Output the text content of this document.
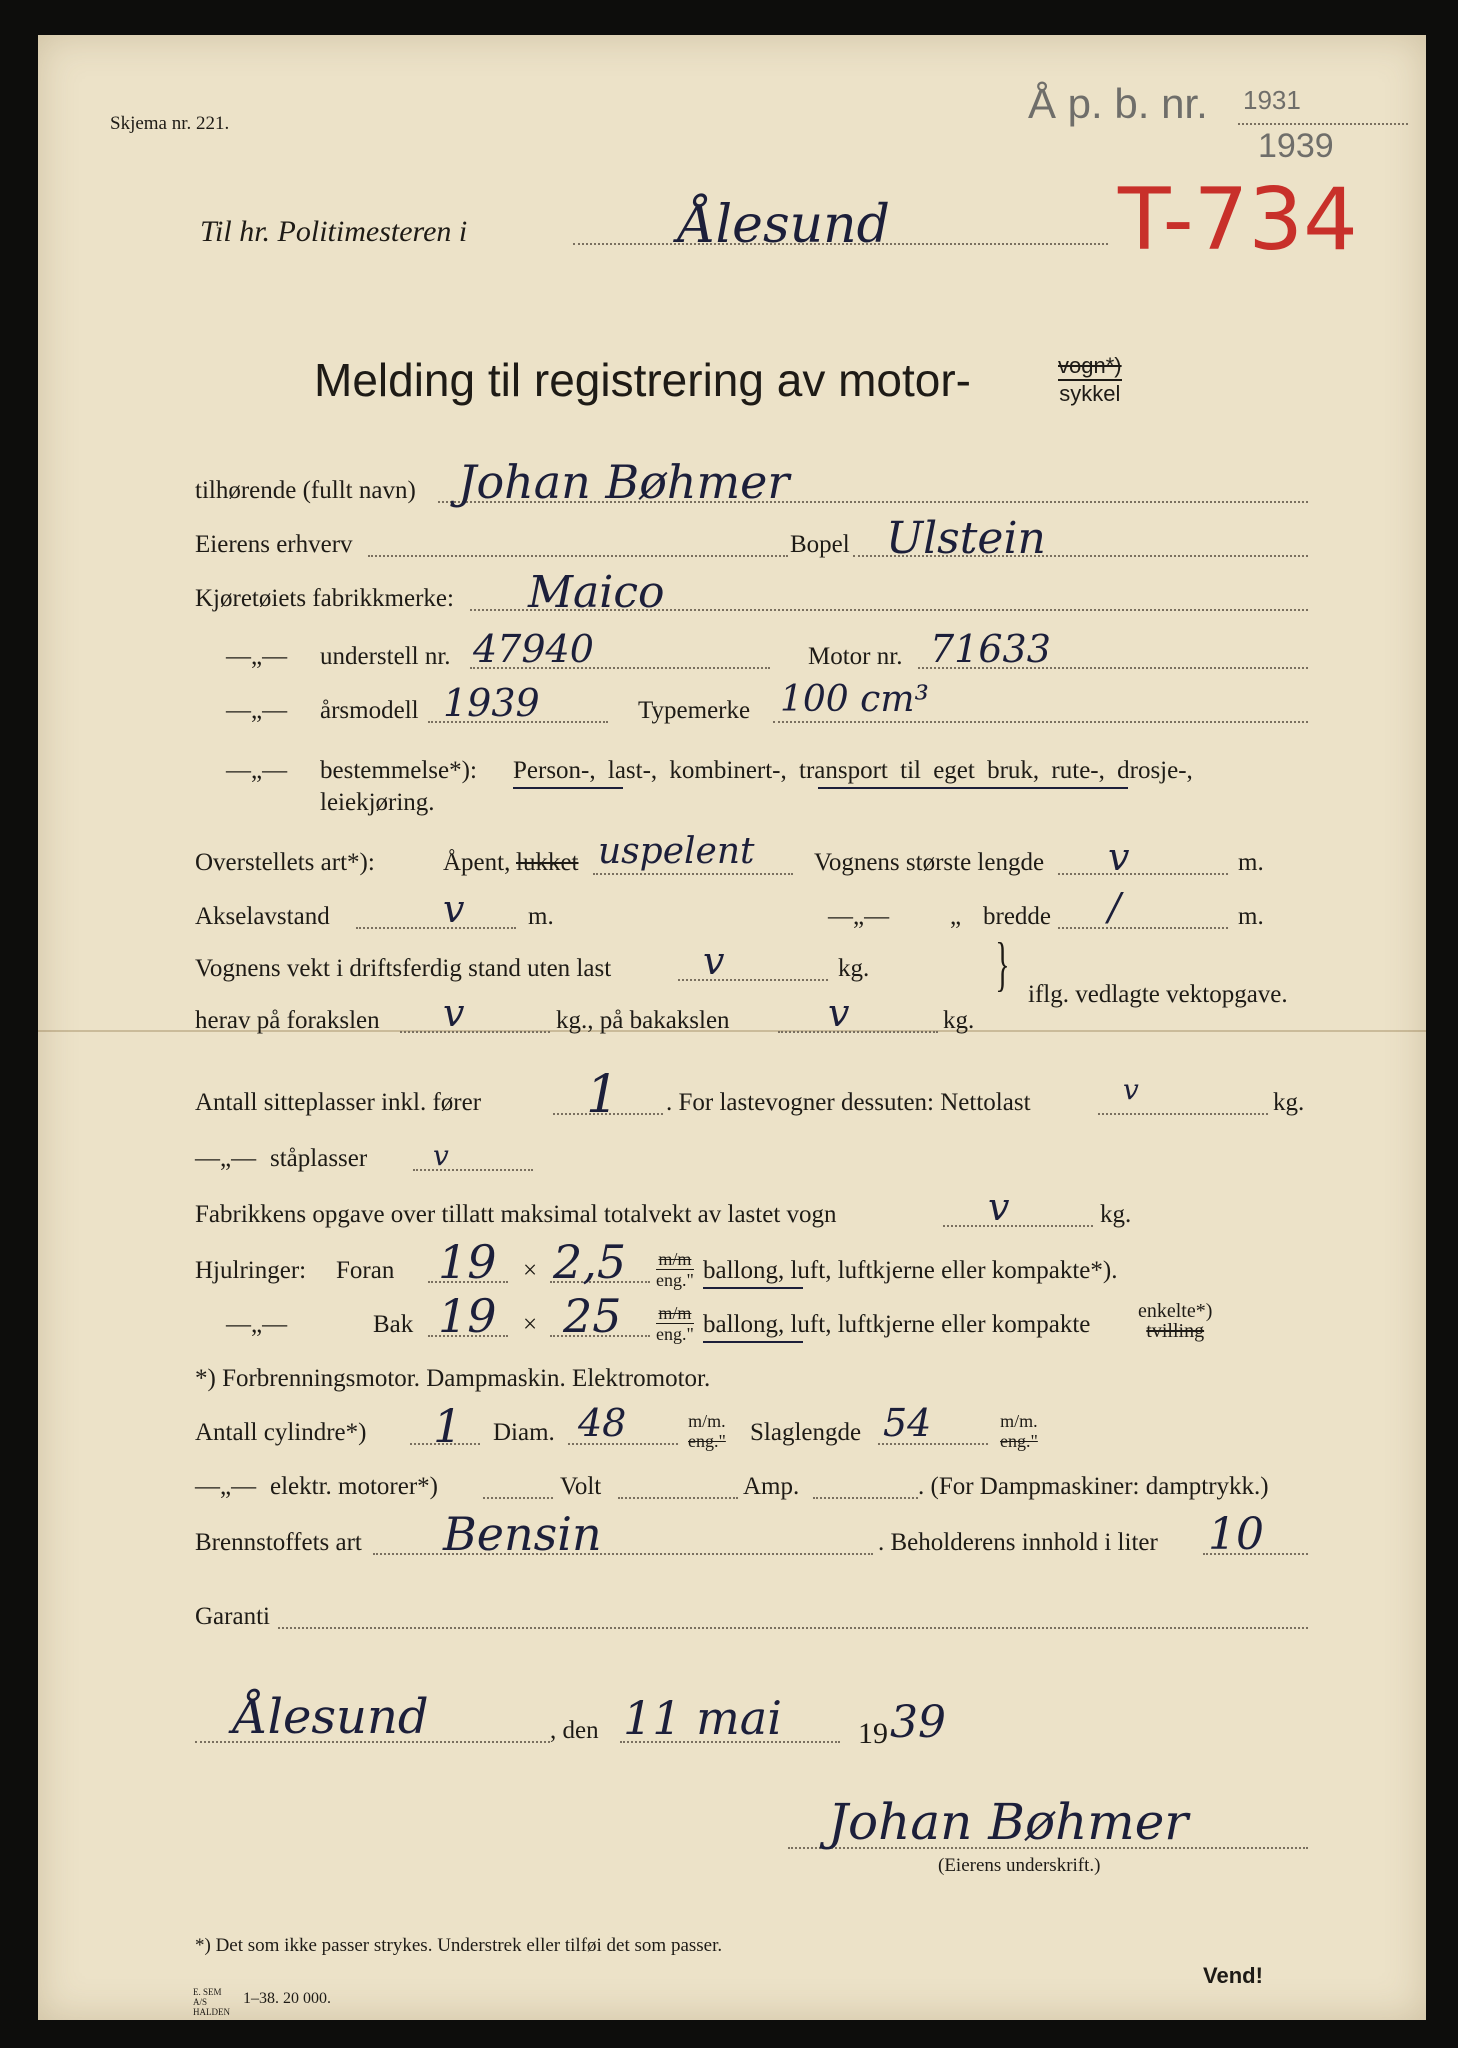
Skjema nr. 221.	Å p. b. nr. 1931
1939
T-734
Til hr. Politimesteren i	Ålesund
Melding til registrering av motor-	vogn*)
sykkel
tilhørende (fullt navn) Johan Bøhmer
Eierens erhverv	Bopel Ulstein
Kjøretøiets fabrikkmerke: Maico
—„— understell nr. 47940	Motor nr. 71633
—„— årsmodell 1939	Typemerke 100 cm³
—„— bestemmelse*): Person-, last-, kombinert-, transport til eget bruk, rute-, drosje-,
leiekjøring.
Overstellets art*):	Åpent, lukket uspelent Vognens største lengde v	m.
Akselavstand	v	m.	—„— „ bredde /	m.
Vognens vekt i driftsferdig stand uten last v	kg.
herav på forakslen v	kg., på bakakslen	v	kg.
} iflg. vedlagte vektopgave.
Antall sitteplasser inkl. fører 1 . For lastevogner dessuten: Nettolast	v	kg.
—„— ståplasser v
Fabrikkens opgave over tillatt maksimal totalvekt av lastet vogn	v	kg.
Hjulringer: Foran 19 × 2,5 m/m
eng." ballong, luft, luftkjerne eller kompakte*).
—„—	Bak 19 × 25 m/m
eng." ballong, luft, luftkjerne eller kompakte enkelte*)
tvilling
*) Forbrenningsmotor. Dampmaskin. Elektromotor.
Antall cylindre*) 1 Diam. 48	m/m.
eng." Slaglengde 54	m/m.
eng."
—„— elektr. motorer*)	Volt	Amp.	. (For Dampmaskiner: damptrykk.)
Brennstoffets art Bensin	. Beholderens innhold i liter 10
Garanti
Ålesund	, den 11 mai	19 39
Johan Bøhmer
(Eierens underskrift.)
*) Det som ikke passer strykes. Understrek eller tilføi det som passer.
Vend!
E. SEM A/S HALDEN
1–38. 20 000.
